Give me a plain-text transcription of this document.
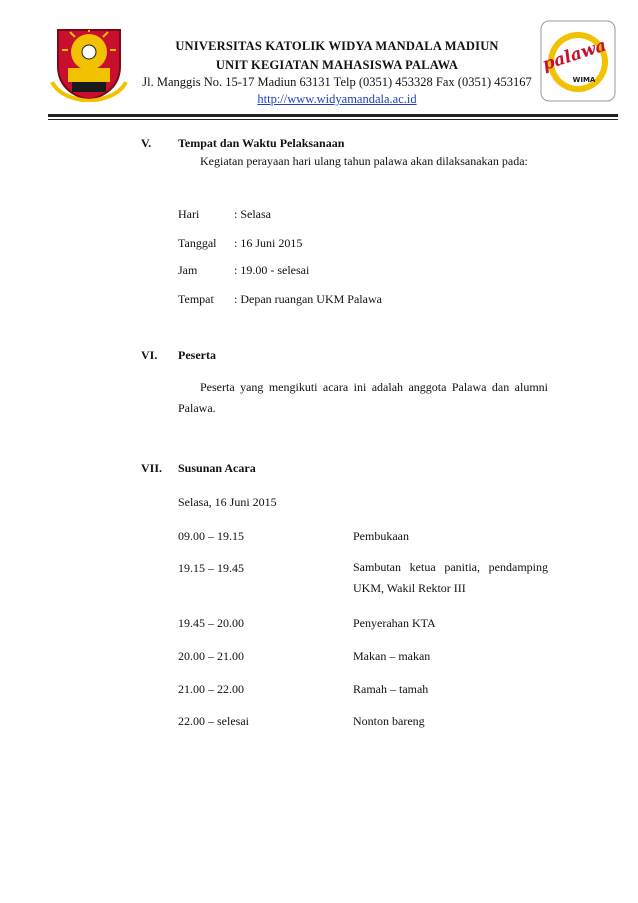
palawa
WIMA
UNIVERSITAS KATOLIK WIDYA MANDALA MADIUN
UNIT KEGIATAN MAHASISWA PALAWA
Jl. Manggis No. 15-17 Madiun 63131 Telp (0351) 453328 Fax (0351) 453167
http://www.widyamandala.ac.id
V. Tempat dan Waktu Pelaksanaan
Kegiatan perayaan hari ulang tahun palawa akan dilaksanakan pada:
Hari	: Selasa
Tanggal : 16 Juni 2015
Jam	: 19.00 - selesai
Tempat : Depan ruangan UKM Palawa
VI. Peserta
Peserta yang mengikuti acara ini adalah anggota Palawa dan alumni Palawa.
VII. Susunan Acara
Selasa, 16 Juni 2015
09.00 – 19.15	Pembukaan
19.15 – 19.45	Sambutan ketua panitia, pendamping UKM, Wakil Rektor III
19.45 – 20.00	Penyerahan KTA
20.00 – 21.00	Makan – makan
21.00 – 22.00	Ramah – tamah
22.00 – selesai	Nonton bareng
